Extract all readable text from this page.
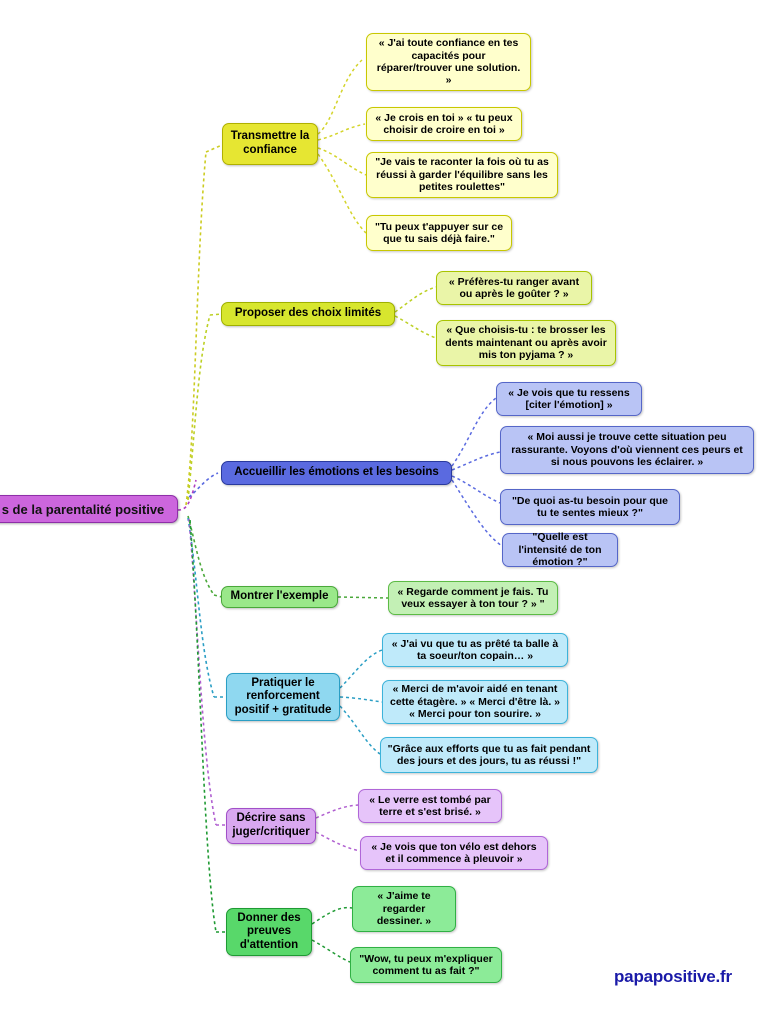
s de la parentalité positive
Transmettre la confiance
« J'ai toute confiance en tes capacités pour réparer/trouver une solution. »
« Je crois en toi » « tu peux choisir de croire en toi »
"Je vais te raconter la fois où tu as réussi à garder l'équilibre sans les petites roulettes"
"Tu peux t'appuyer sur ce que tu sais déjà faire."
Proposer des choix limités
« Préfères-tu ranger avant ou après le goûter ? »
« Que choisis-tu : te brosser les dents maintenant ou après avoir mis ton pyjama ? »
Accueillir les émotions et les besoins
« Je vois que tu ressens [citer l'émotion] »
« Moi aussi je trouve cette situation peu rassurante. Voyons d'où viennent ces peurs et si nous pouvons les éclairer. »
"De quoi as-tu besoin pour que tu te sentes mieux ?"
"Quelle est l'intensité de ton émotion ?"
Montrer l'exemple	« Regarde comment je fais. Tu veux essayer à ton tour ? » "
Pratiquer le renforcement positif + gratitude
« J'ai vu que tu as prêté ta balle à ta soeur/ton copain… »
« Merci de m'avoir aidé en tenant cette étagère. » « Merci d'être là. » « Merci pour ton sourire. »
"Grâce aux efforts que tu as fait pendant des jours et des jours, tu as réussi !"
Décrire sans juger/critiquer
« Le verre est tombé par terre et s'est brisé. »
« Je vois que ton vélo est dehors et il commence à pleuvoir »
Donner des preuves d'attention
« J'aime te regarder dessiner. »
"Wow, tu peux m'expliquer comment tu as fait ?"	papapositive.fr
